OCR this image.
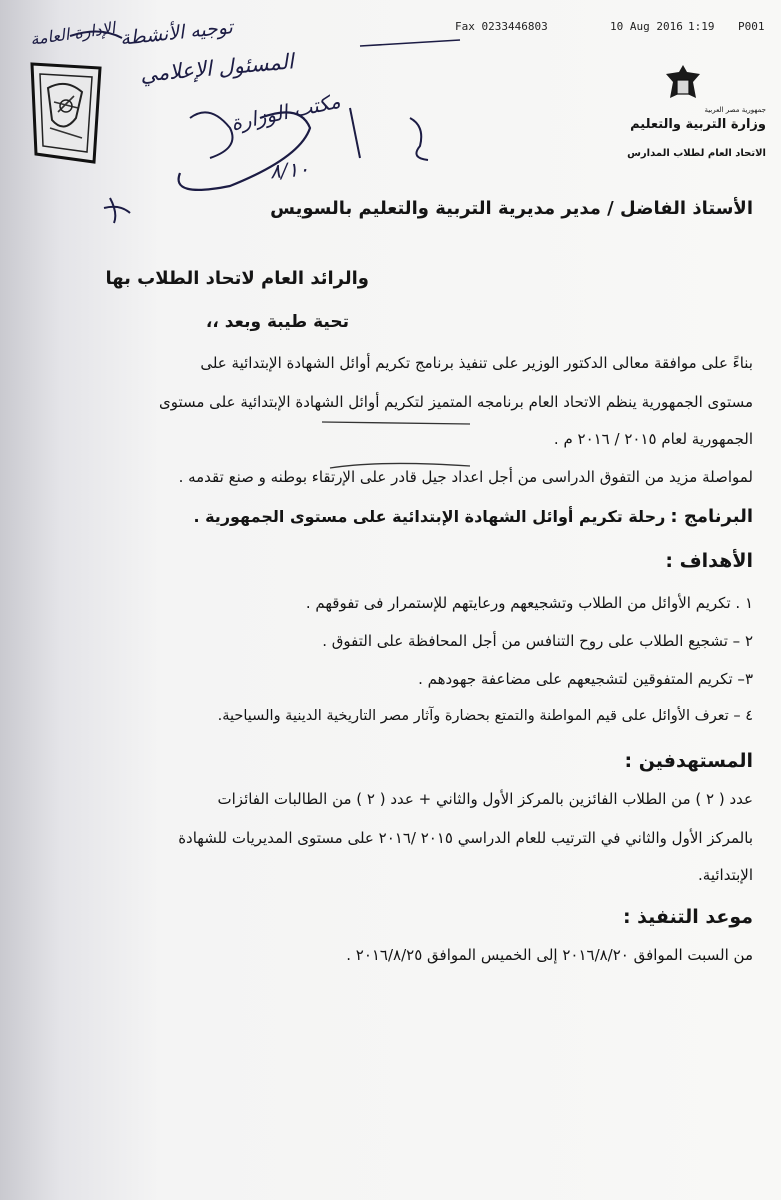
Fax 0233446803	10 Aug 2016 1:19 P001
الإدارة العامة توجيه الأنشطة
المسئول الإعلامي
مكتب الوزارة
٨/١٠
جمهورية مصر العربية
وزارة التربية والتعليم
الاتحاد العام لطلاب المدارس
الأستاذ الفاضل / مدير مديرية التربية والتعليم بالسويس
والرائد العام لاتحاد الطلاب بها
تحية طيبة وبعد ،،
بناءً على موافقة معالى الدكتور الوزير على تنفيذ برنامج تكريم أوائل الشهادة الإبتدائية على
مستوى الجمهورية ينظم الاتحاد العام برنامجه المتميز لتكريم أوائل الشهادة الإبتدائية على مستوى
الجمهورية لعام ٢٠١٥ / ٢٠١٦ م .
لمواصلة مزيد من التفوق الدراسى من أجل اعداد جيل قادر على الإرتقاء بوطنه و صنع تقدمه .
البرنامج : رحلة تكريم أوائل الشهادة الإبتدائية على مستوى الجمهورية .
الأهداف :
١ . تكريم الأوائل من الطلاب وتشجيعهم ورعايتهم للإستمرار فى تفوقهم .
٢ – تشجيع الطلاب على روح التنافس من أجل المحافظة على التفوق .
٣– تكريم المتفوقين لتشجيعهم على مضاعفة جهودهم .
٤ – تعرف الأوائل على قيم المواطنة والتمتع بحضارة وآثار مصر التاريخية الدينية والسياحية.
المستهدفين :
عدد ( ٢ ) من الطلاب الفائزين بالمركز الأول والثاني + عدد ( ٢ ) من الطالبات الفائزات
بالمركز الأول والثاني في الترتيب للعام الدراسي ٢٠١٥ /٢٠١٦ على مستوى المديريات للشهادة
الإبتدائية.
موعد التنفيذ :
من السبت الموافق ٢٠١٦/٨/٢٠ إلى الخميس الموافق ٢٠١٦/٨/٢٥ .
